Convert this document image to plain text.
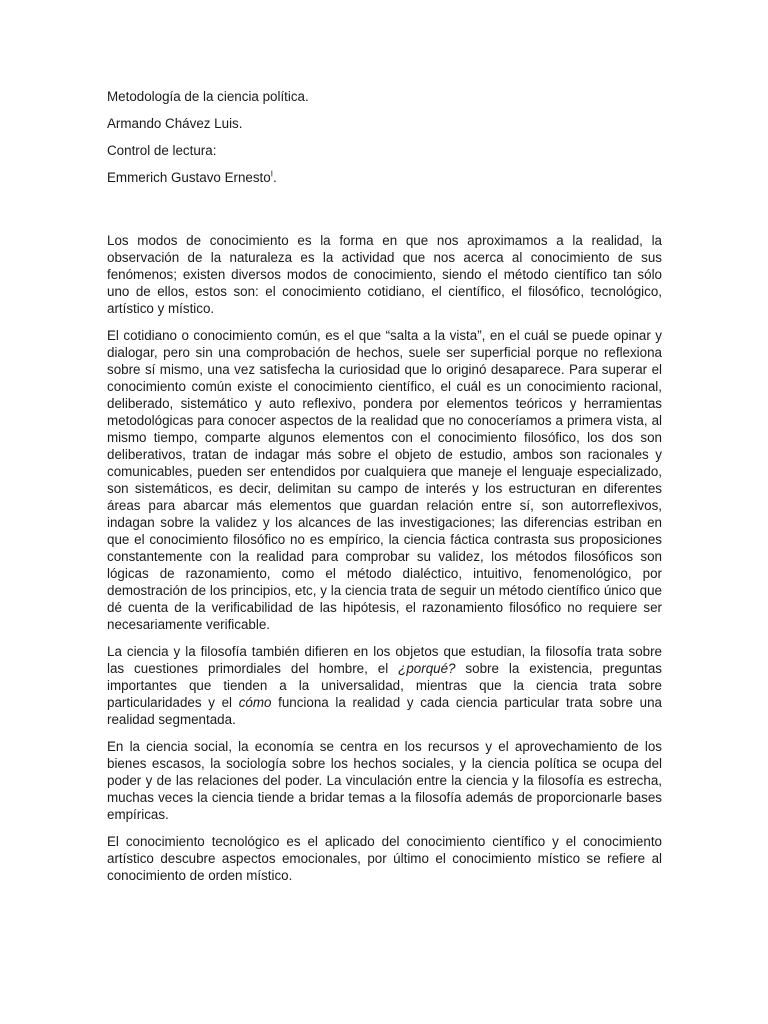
Metodología de la ciencia política.
Armando Chávez Luis.
Control de lectura:
Emmerich Gustavo Ernesto$^I$.

Los modos de conocimiento es la forma en que nos aproximamos a la realidad, la observación de la naturaleza es la actividad que nos acerca al conocimiento de sus fenómenos; existen diversos modos de conocimiento, siendo el método científico tan sólo uno de ellos, estos son: el conocimiento cotidiano, el científico, el filosófico, tecnológico, artístico y místico.

El cotidiano o conocimiento común, es el que “salta a la vista”, en el cuál se puede opinar y dialogar, pero sin una comprobación de hechos, suele ser superficial porque no reflexiona sobre sí mismo, una vez satisfecha la curiosidad que lo originó desaparece. Para superar el conocimiento común existe el conocimiento científico, el cuál es un conocimiento racional, deliberado, sistemático y auto reflexivo, pondera por elementos teóricos y herramientas metodológicas para conocer aspectos de la realidad que no conoceríamos a primera vista, al mismo tiempo, comparte algunos elementos con el conocimiento filosófico, los dos son deliberativos, tratan de indagar más sobre el objeto de estudio, ambos son racionales y comunicables, pueden ser entendidos por cualquiera que maneje el lenguaje especializado, son sistemáticos, es decir, delimitan su campo de interés y los estructuran en diferentes áreas para abarcar más elementos que guardan relación entre sí, son autorreflexivos, indagan sobre la validez y los alcances de las investigaciones; las diferencias estriban en que el conocimiento filosófico no es empírico, la ciencia fáctica contrasta sus proposiciones constantemente con la realidad para comprobar su validez, los métodos filosóficos son lógicas de razonamiento, como el método dialéctico, intuitivo, fenomenológico, por demostración de los principios, etc, y la ciencia trata de seguir un método científico único que dé cuenta de la verificabilidad de las hipótesis, el razonamiento filosófico no requiere ser necesariamente verificable.

La ciencia y la filosofía también difieren en los objetos que estudian, la filosofía trata sobre las cuestiones primordiales del hombre, el ¿porqué? sobre la existencia, preguntas importantes que tienden a la universalidad, mientras que la ciencia trata sobre particularidades y el cómo funciona la realidad y cada ciencia particular trata sobre una realidad segmentada.

En la ciencia social, la economía se centra en los recursos y el aprovechamiento de los bienes escasos, la sociología sobre los hechos sociales, y la ciencia política se ocupa del poder y de las relaciones del poder. La vinculación entre la ciencia y la filosofía es estrecha, muchas veces la ciencia tiende a bridar temas a la filosofía además de proporcionarle bases empíricas.

El conocimiento tecnológico es el aplicado del conocimiento científico y el conocimiento artístico descubre aspectos emocionales, por último el conocimiento místico se refiere al conocimiento de orden místico.
